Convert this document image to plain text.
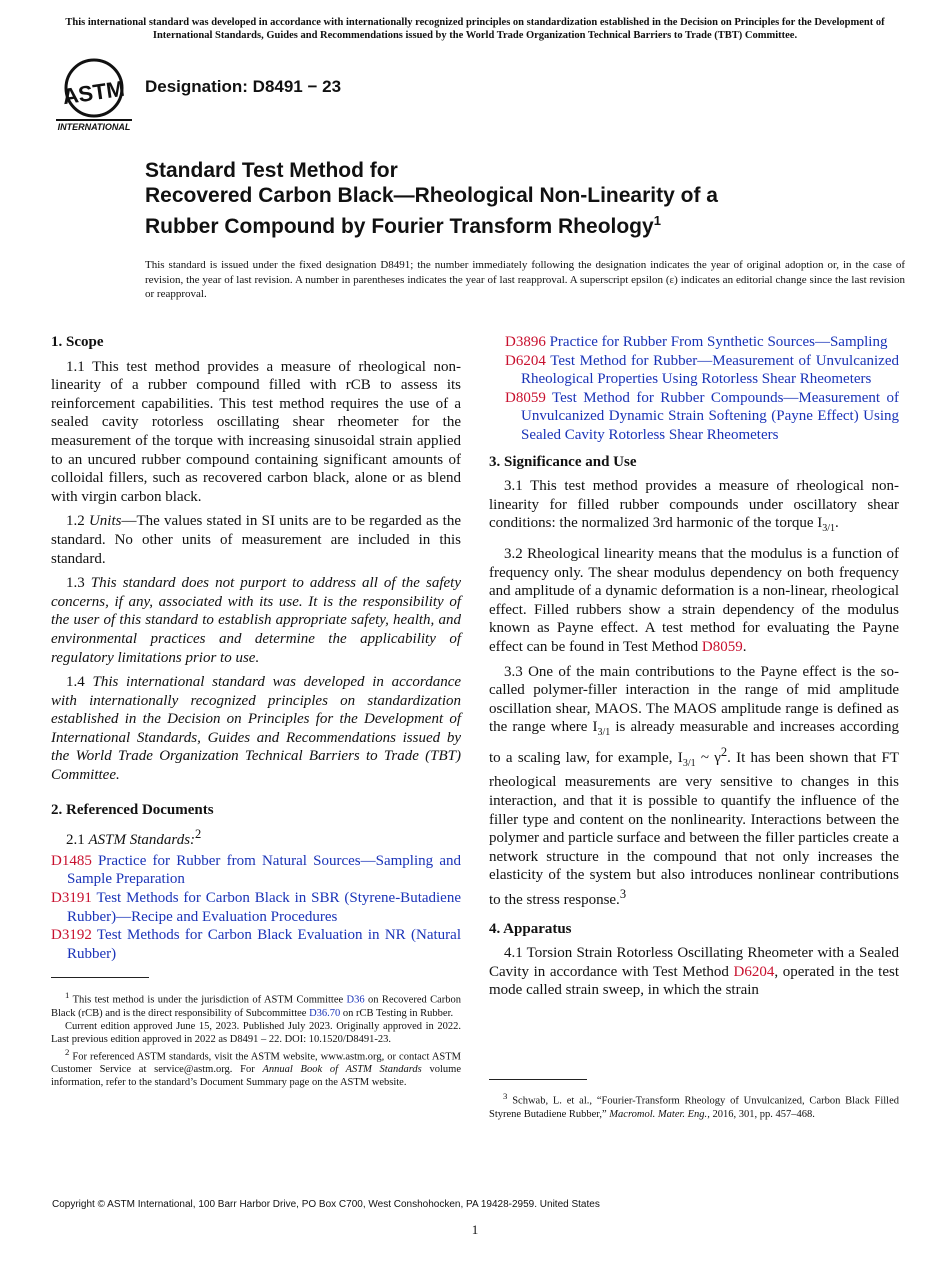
This international standard was developed in accordance with internationally recognized principles on standardization established in the Decision on Principles for the Development of International Standards, Guides and Recommendations issued by the World Trade Organization Technical Barriers to Trade (TBT) Committee.
ASTM
INTERNATIONAL
Designation: D8491 − 23
Standard Test Method for
Recovered Carbon Black—Rheological Non-Linearity of a
Rubber Compound by Fourier Transform Rheology$^1$
This standard is issued under the fixed designation D8491; the number immediately following the designation indicates the year of original adoption or, in the case of revision, the year of last revision. A number in parentheses indicates the year of last reapproval. A superscript epsilon (ε) indicates an editorial change since the last revision or reapproval.
1. Scope

1.1 This test method provides a measure of rheological non-linearity of a rubber compound filled with rCB to assess its reinforcement capabilities. This test method requires the use of a sealed cavity rotorless oscillating shear rheometer for the measurement of the torque with increasing sinusoidal strain applied to an uncured rubber compound containing significant amounts of colloidal fillers, such as recovered carbon black, alone or as blend with virgin carbon black.

1.2 Units—The values stated in SI units are to be regarded as the standard. No other units of measurement are included in this standard.

1.3 This standard does not purport to address all of the safety concerns, if any, associated with its use. It is the responsibility of the user of this standard to establish appropriate safety, health, and environmental practices and determine the applicability of regulatory limitations prior to use.

1.4 This international standard was developed in accordance with internationally recognized principles on standardization established in the Decision on Principles for the Development of International Standards, Guides and Recommendations issued by the World Trade Organization Technical Barriers to Trade (TBT) Committee.

2. Referenced Documents

2.1 ASTM Standards:$^2$

D1485 Practice for Rubber from Natural Sources—Sampling and Sample Preparation
D3191 Test Methods for Carbon Black in SBR (Styrene-Butadiene Rubber)—Recipe and Evaluation Procedures
D3192 Test Methods for Carbon Black Evaluation in NR (Natural Rubber)

$^1$ This test method is under the jurisdiction of ASTM Committee D36 on Recovered Carbon Black (rCB) and is the direct responsibility of Subcommittee D36.70 on rCB Testing in Rubber.

Current edition approved June 15, 2023. Published July 2023. Originally approved in 2022. Last previous edition approved in 2022 as D8491 – 22. DOI: 10.1520/D8491-23.

$^2$ For referenced ASTM standards, visit the ASTM website, www.astm.org, or contact ASTM Customer Service at service@astm.org. For Annual Book of ASTM Standards volume information, refer to the standard’s Document Summary page on the ASTM website.

D3896 Practice for Rubber From Synthetic Sources—Sampling
D6204 Test Method for Rubber—Measurement of Unvulcanized Rheological Properties Using Rotorless Shear Rheometers
D8059 Test Method for Rubber Compounds—Measurement of Unvulcanized Dynamic Strain Softening (Payne Effect) Using Sealed Cavity Rotorless Shear Rheometers
3. Significance and Use

3.1 This test method provides a measure of rheological non-linearity for filled rubber compounds under oscillatory shear conditions: the normalized 3rd harmonic of the torque $I_{3/1}$.

3.2 Rheological linearity means that the modulus is a function of frequency only. The shear modulus dependency on both frequency and amplitude of a dynamic deformation is a non-linear, rheological effect. Filled rubbers show a strain dependency of the modulus known as Payne effect. A test method for evaluating the Payne effect can be found in Test Method D8059.

3.3 One of the main contributions to the Payne effect is the so-called polymer-filler interaction in the range of mid amplitude oscillation shear, MAOS. The MAOS amplitude range is defined as the range where $I_{3/1}$ is already measurable and increases according to a scaling law, for example, $I_{3/1}$ ~ $\gamma^2$. It has been shown that FT rheological measurements are very sensitive to changes in this interaction, and that it is possible to quantify the influence of the filler type and content on the nonlinearity. Interactions between the polymer and particle surface and between the filler particles create a network structure in the compound that not only increases the elasticity of the system but also introduces nonlinear contributions to the stress response.$^3$

4. Apparatus

4.1 Torsion Strain Rotorless Oscillating Rheometer with a Sealed Cavity in accordance with Test Method D6204, operated in the test mode called strain sweep, in which the strain

$^3$ Schwab, L. et al., “Fourier-Transform Rheology of Unvulcanized, Carbon Black Filled Styrene Butadiene Rubber,” Macromol. Mater. Eng., 2016, 301, pp. 457–468.

Copyright © ASTM International, 100 Barr Harbor Drive, PO Box C700, West Conshohocken, PA 19428-2959. United States
1
